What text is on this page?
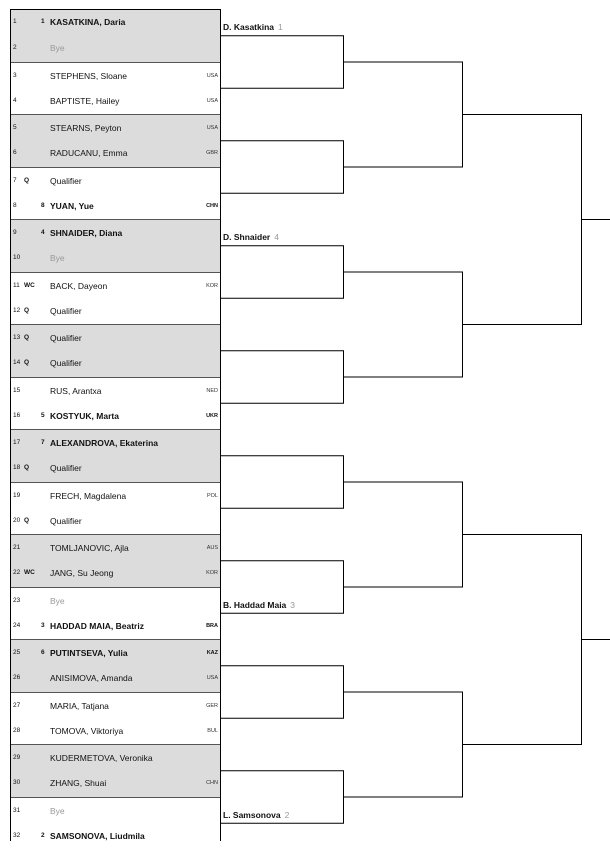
1	1 KASATKINA, Daria
2	Bye
3	STEPHENS, Sloane	USA
4	BAPTISTE, Hailey	USA
5	STEARNS, Peyton	USA
6	RADUCANU, Emma	GBR
7 Q Qualifier
8	8 YUAN, Yue	CHN
9	4 SHNAIDER, Diana
10	Bye
11 WC BACK, Dayeon	KOR
12 Q Qualifier
13 Q Qualifier
14 Q Qualifier
15	RUS, Arantxa	NED
16	5 KOSTYUK, Marta	UKR
17	7 ALEXANDROVA, Ekaterina
18 Q Qualifier
19	FRECH, Magdalena	POL
20 Q Qualifier
21	TOMLJANOVIC, Ajla	AUS
22 WC JANG, Su Jeong	KOR
23	Bye
24	3 HADDAD MAIA, Beatriz	BRA
25	6 PUTINTSEVA, Yulia	KAZ
26	ANISIMOVA, Amanda	USA
27	MARIA, Tatjana	GER
28	TOMOVA, Viktoriya	BUL
29	KUDERMETOVA, Veronika
30	ZHANG, Shuai	CHN
31	Bye
32	2 SAMSONOVA, Liudmila
D. Kasatkina 1
D. Shnaider 4
B. Haddad Maia 3
L. Samsonova 2
